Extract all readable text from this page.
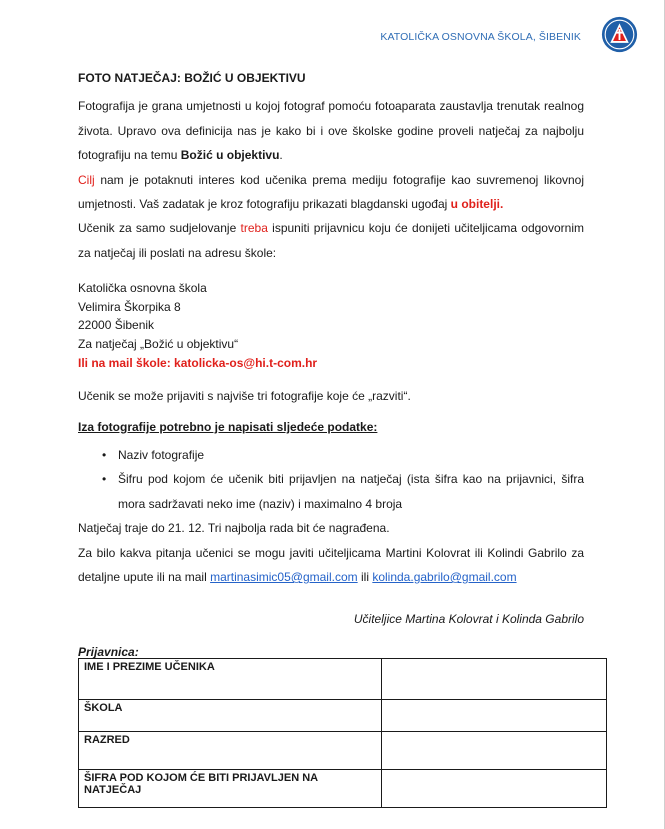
KATOLIČKA OSNOVNA ŠKOLA, ŠIBENIK

FOTO NATJEČAJ: BOŽIĆ U OBJEKTIVU

Fotografija je grana umjetnosti u kojoj fotograf pomoću fotoaparata zaustavlja trenutak realnog života. Upravo ova definicija nas je kako bi i ove školske godine proveli natječaj za najbolju fotografiju na temu Božić u objektivu.

Cilj nam je potaknuti interes kod učenika prema mediju fotografije kao suvremenoj likovnoj umjetnosti. Vaš zadatak je kroz fotografiju prikazati blagdanski ugođaj u obitelji.

Učenik za samo sudjelovanje treba ispuniti prijavnicu koju će donijeti učiteljicama odgovornim za natječaj ili poslati na adresu škole:

Katolička osnovna škola
Velimira Škorpika 8
22000 Šibenik
Za natječaj „Božić u objektivu“
Ili na mail škole: katolicka-os@hi.t-com.hr

Učenik se može prijaviti s najviše tri fotografije koje će „razviti“.

Iza fotografije potrebno je napisati sljedeće podatke:

• Naziv fotografije
• Šifru pod kojom će učenik biti prijavljen na natječaj (ista šifra kao na prijavnici, šifra mora sadržavati neko ime (naziv) i maximalno 4 broja

Natječaj traje do 21. 12. Tri najbolja rada bit će nagrađena.

Za bilo kakva pitanja učenici se mogu javiti učiteljicama Martini Kolovrat ili Kolindi Gabrilo za detaljne upute ili na mail martinasimic05@gmail.com ili kolinda.gabrilo@gmail.com

Učiteljice Martina Kolovrat i Kolinda Gabrilo

Prijavnica:

IME I PREZIME UČENIKA	
ŠKOLA	
RAZRED	
ŠIFRA POD KOJOM ĆE BITI PRIJAVLJEN NA NATJEČAJ	
